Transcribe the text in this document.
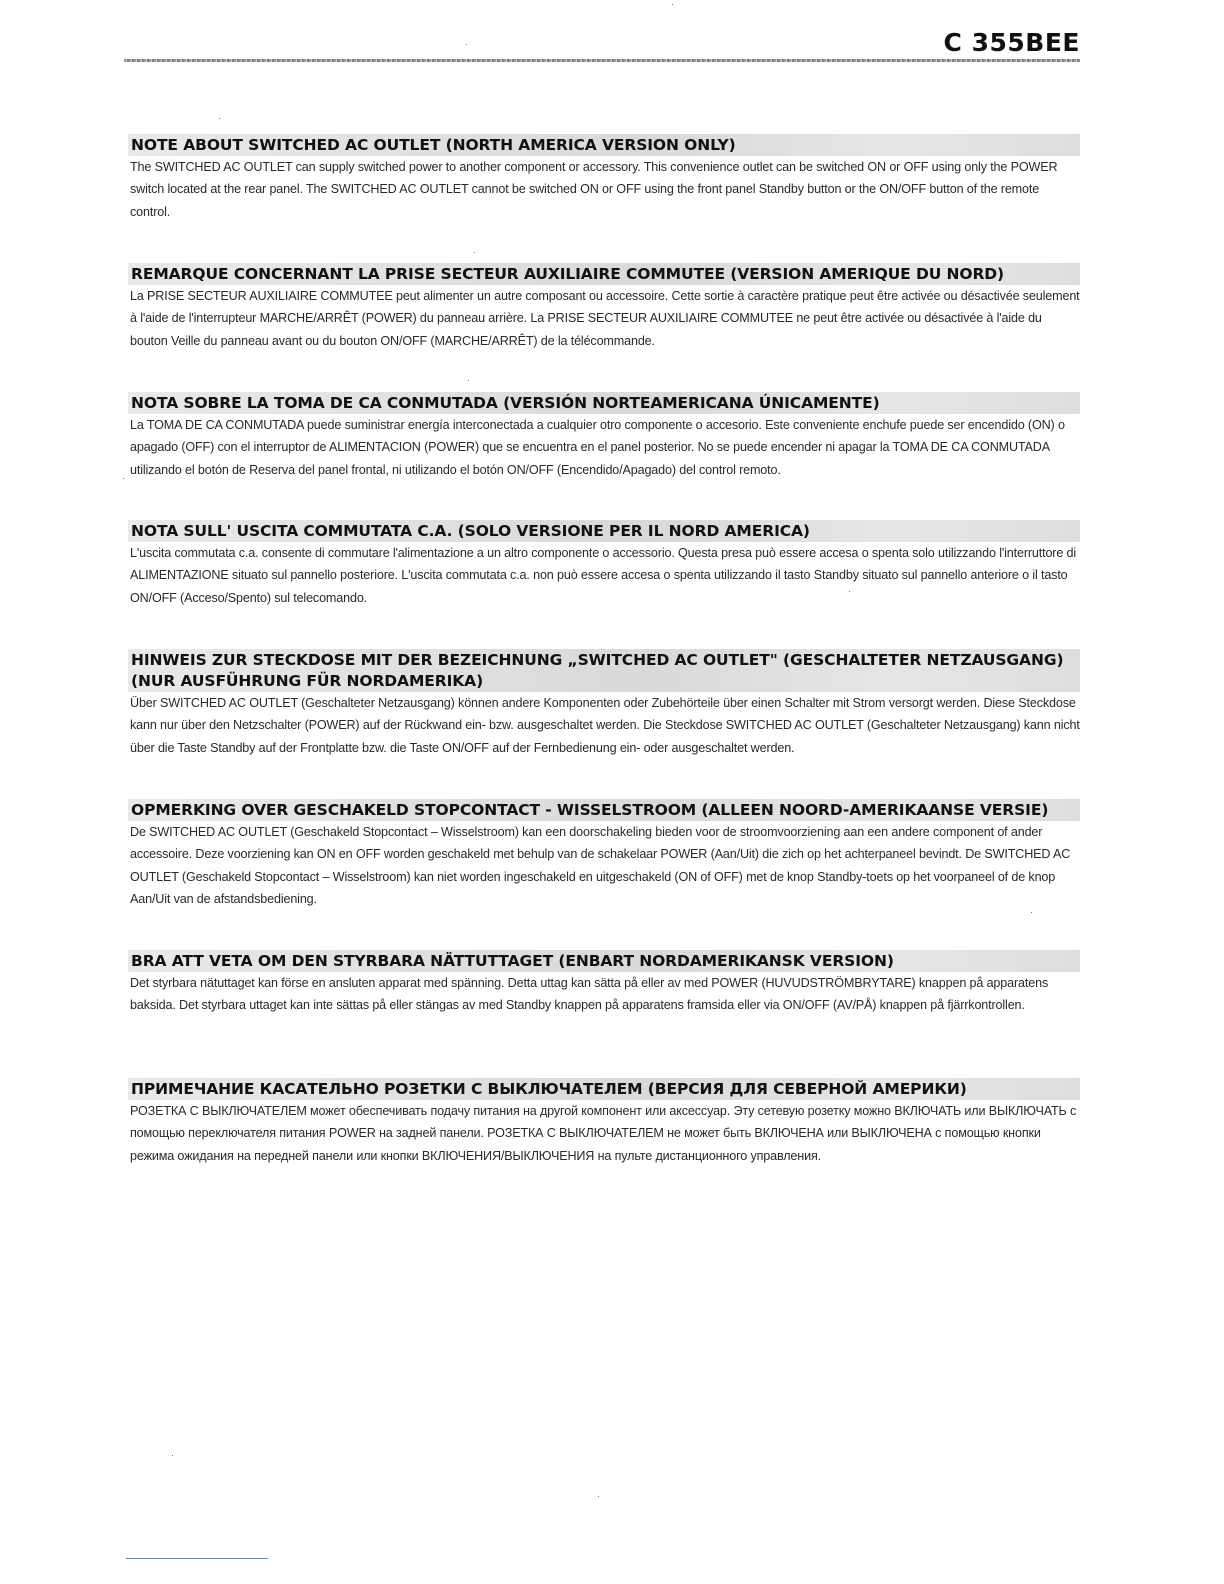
C 355BEE
NOTE ABOUT SWITCHED AC OUTLET (NORTH AMERICA VERSION ONLY)
The SWITCHED AC OUTLET can supply switched power to another component or accessory. This convenience outlet can be switched ON or OFF using only the POWER switch located at the rear panel. The SWITCHED AC OUTLET cannot be switched ON or OFF using the front panel Standby button or the ON/OFF button of the remote control.
REMARQUE CONCERNANT LA PRISE SECTEUR AUXILIAIRE COMMUTEE (VERSION AMERIQUE DU NORD)
La PRISE SECTEUR AUXILIAIRE COMMUTEE peut alimenter un autre composant ou accessoire. Cette sortie à caractère pratique peut être activée ou désactivée seulement à l'aide de l'interrupteur MARCHE/ARRÊT (POWER) du panneau arrière. La PRISE SECTEUR AUXILIAIRE COMMUTEE ne peut être activée ou désactivée à l'aide du bouton Veille du panneau avant ou du bouton ON/OFF (MARCHE/ARRÊT) de la télécommande.
NOTA SOBRE LA TOMA DE CA CONMUTADA (VERSIÓN NORTEAMERICANA ÚNICAMENTE)
La TOMA DE CA CONMUTADA puede suministrar energía interconectada a cualquier otro componente o accesorio. Este conveniente enchufe puede ser encendido (ON) o apagado (OFF) con el interruptor de ALIMENTACION (POWER) que se encuentra en el panel posterior. No se puede encender ni apagar la TOMA DE CA CONMUTADA utilizando el botón de Reserva del panel frontal, ni utilizando el botón ON/OFF (Encendido/Apagado) del control remoto.
NOTA SULL' USCITA COMMUTATA C.A. (SOLO VERSIONE PER IL NORD AMERICA)
L'uscita commutata c.a. consente di commutare l'alimentazione a un altro componente o accessorio. Questa presa può essere accesa o spenta solo utilizzando l'interruttore di ALIMENTAZIONE situato sul pannello posteriore. L'uscita commutata c.a. non può essere accesa o spenta utilizzando il tasto Standby situato sul pannello anteriore o il tasto ON/OFF (Acceso/Spento) sul telecomando.
HINWEIS ZUR STECKDOSE MIT DER BEZEICHNUNG „SWITCHED AC OUTLET" (GESCHALTETER NETZAUSGANG) (NUR AUSFÜHRUNG FÜR NORDAMERIKA)
Über SWITCHED AC OUTLET (Geschalteter Netzausgang) können andere Komponenten oder Zubehörteile über einen Schalter mit Strom versorgt werden. Diese Steckdose kann nur über den Netzschalter (POWER) auf der Rückwand ein- bzw. ausgeschaltet werden. Die Steckdose SWITCHED AC OUTLET (Geschalteter Netzausgang) kann nicht über die Taste Standby auf der Frontplatte bzw. die Taste ON/OFF auf der Fernbedienung ein- oder ausgeschaltet werden.
OPMERKING OVER GESCHAKELD STOPCONTACT - WISSELSTROOM (ALLEEN NOORD-AMERIKAANSE VERSIE)
De SWITCHED AC OUTLET (Geschakeld Stopcontact – Wisselstroom) kan een doorschakeling bieden voor de stroomvoorziening aan een andere component of ander accessoire. Deze voorziening kan ON en OFF worden geschakeld met behulp van de schakelaar POWER (Aan/Uit) die zich op het achterpaneel bevindt. De SWITCHED AC OUTLET (Geschakeld Stopcontact – Wisselstroom) kan niet worden ingeschakeld en uitgeschakeld (ON of OFF) met de knop Standby-toets op het voorpaneel of de knop Aan/Uit van de afstandsbediening.
BRA ATT VETA OM DEN STYRBARA NÄTTUTTAGET (ENBART NORDAMERIKANSK VERSION)
Det styrbara nätuttaget kan förse en ansluten apparat med spänning. Detta uttag kan sätta på eller av med POWER (HUVUDSTRÖMBRYTARE) knappen på apparatens baksida. Det styrbara uttaget kan inte sättas på eller stängas av med Standby knappen på apparatens framsida eller via ON/OFF (AV/PÅ) knappen på fjärrkontrollen.
ПРИМЕЧАНИЕ КАСАТЕЛЬНО РОЗЕТКИ С ВЫКЛЮЧАТЕЛЕМ (ВЕРСИЯ ДЛЯ СЕВЕРНОЙ АМЕРИКИ)
РОЗЕТКА С ВЫКЛЮЧАТЕЛЕМ может обеспечивать подачу питания на другой компонент или аксессуар. Эту сетевую розетку можно ВКЛЮЧАТЬ или ВЫКЛЮЧАТЬ с помощью переключателя питания POWER на задней панели. РОЗЕТКА С ВЫКЛЮЧАТЕЛЕМ не может быть ВКЛЮЧЕНА или ВЫКЛЮЧЕНА с помощью кнопки режима ожидания на передней панели или кнопки ВКЛЮЧЕНИЯ/ВЫКЛЮЧЕНИЯ на пульте дистанционного управления.
